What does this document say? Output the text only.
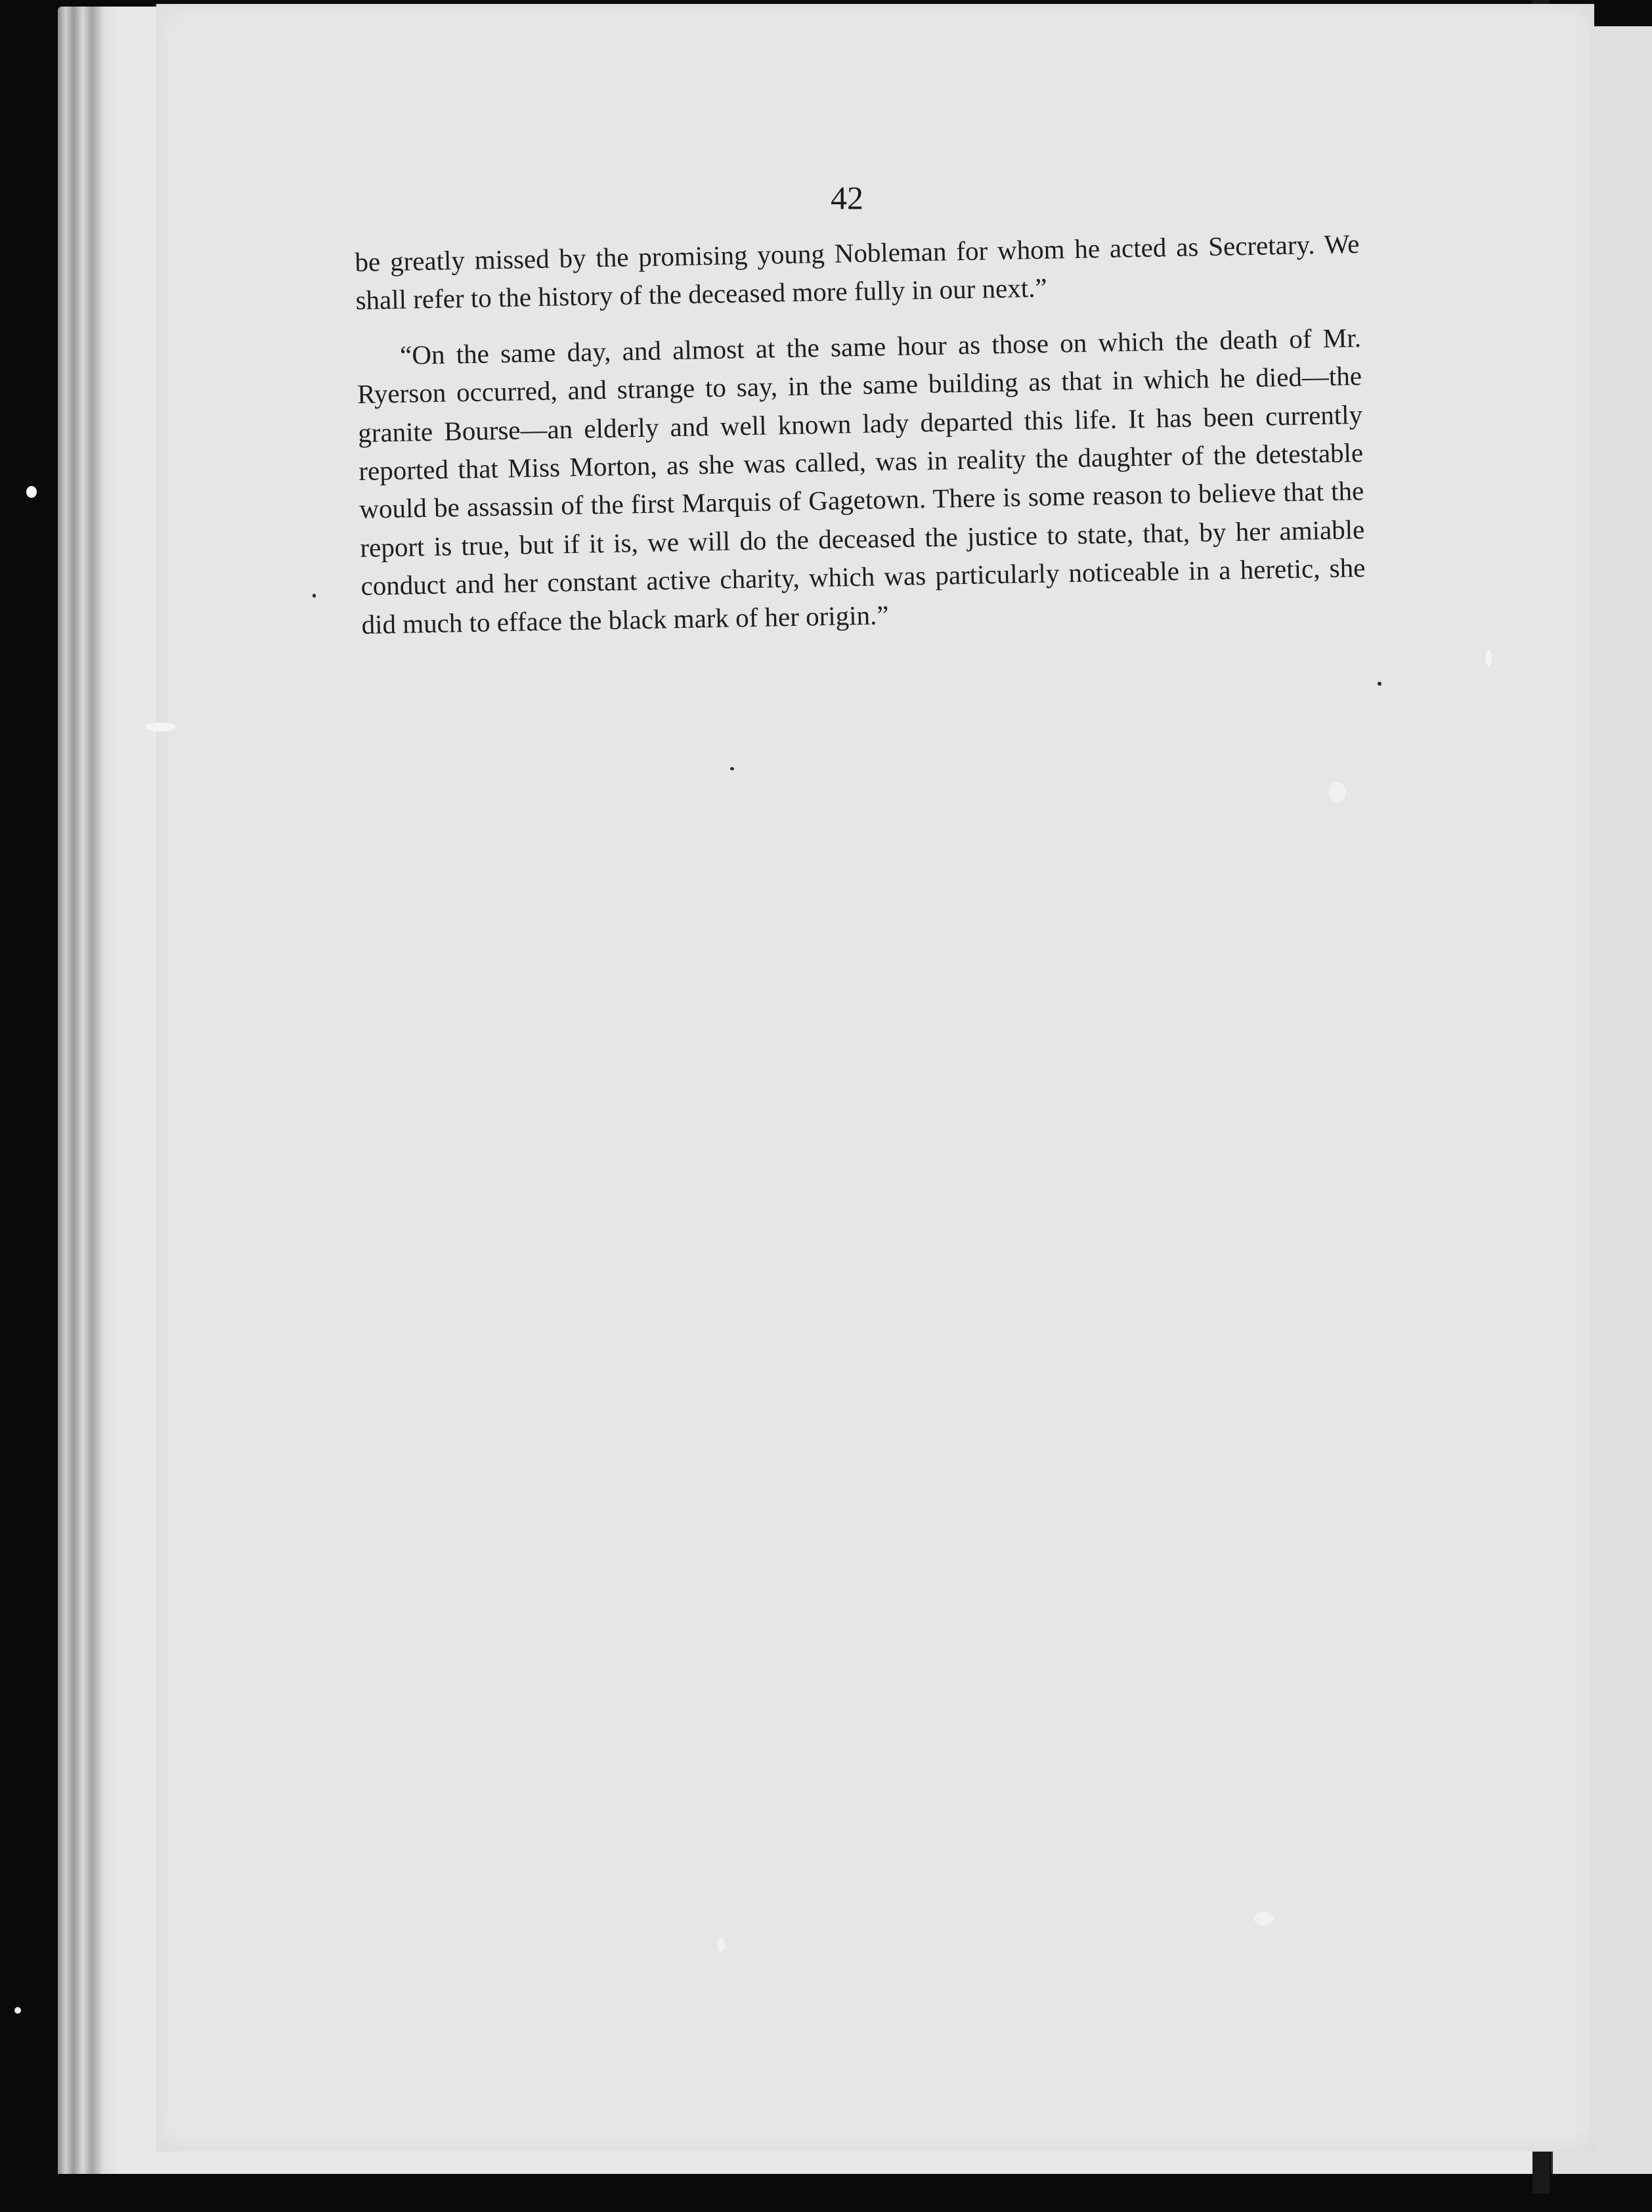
42

be greatly missed by the promising young Nobleman for whom he acted as Secretary. We shall refer to the history of the deceased more fully in our next.”

“On the same day, and almost at the same hour as those on which the death of Mr. Ryerson occurred, and strange to say, in the same building as that in which he died—the granite Bourse—an elderly and well known lady departed this life. It has been currently reported that Miss Morton, as she was called, was in reality the daughter of the detestable would be assassin of the first Marquis of Gagetown. There is some reason to believe that the report is true, but if it is, we will do the deceased the justice to state, that, by her amiable conduct and her constant active charity, which was particularly noticeable in a heretic, she did much to efface the black mark of her origin.”
